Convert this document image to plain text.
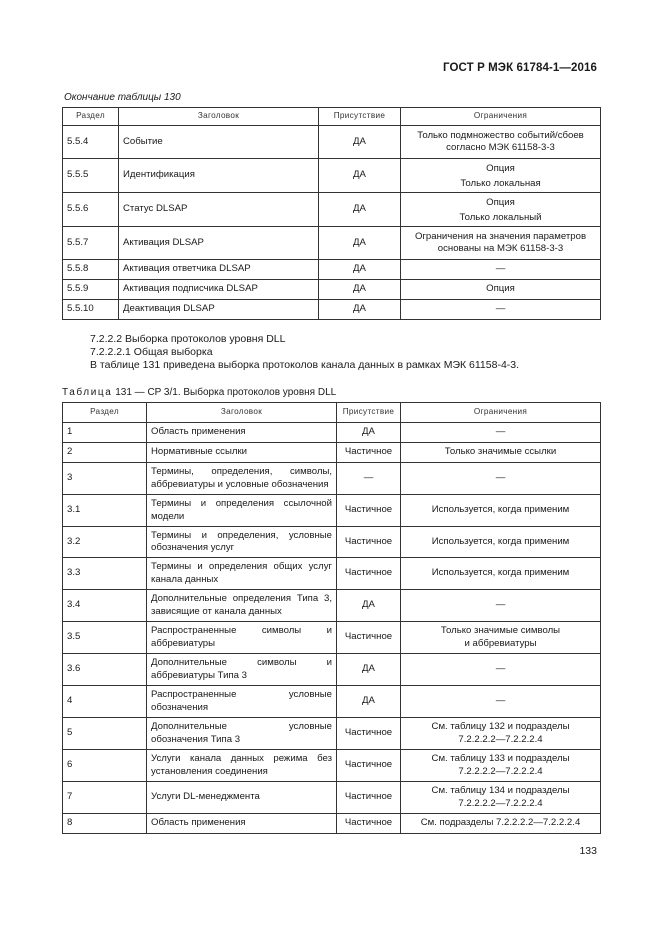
ГОСТ Р МЭК 61784-1—2016
Окончание таблицы 130
Раздел	Заголовок	Присутствие	Ограничения
5.5.4	Событие	ДА	Только подмножество событий/сбоев
согласно МЭК 61158-3-3

5.5.5	Идентификация	ДА	Опция
Только локальная

5.5.6	Статус DLSAP	ДА	Опция
Только локальный

5.5.7	Активация DLSAP	ДА	Ограничения на значения параметров
основаны на МЭК 61158-3-3

5.5.8	Активация ответчика DLSAP	ДА	—
5.5.9	Активация подписчика DLSAP	ДА	Опция
5.5.10	Деактивация DLSAP	ДА	—
7.2.2.2 Выборка протоколов уровня DLL
7.2.2.2.1 Общая выборка
В таблице 131 приведена выборка протоколов канала данных в рамках МЭК 61158-4-3.
Таблица 131 — CP 3/1. Выборка протоколов уровня DLL
Раздел	Заголовок	Присутствие	Ограничения
1	Область применения	ДА	—
2	Нормативные ссылки	Частичное	Только значимые ссылки
3	Термины, определения, символы, аббревиатуры и условные обозначения	—	—
3.1	Термины и определения ссылочной модели	Частичное	Используется, когда применим
3.2	Термины и определения, условные обозначения услуг	Частичное	Используется, когда применим
3.3	Термины и определения общих услуг канала данных	Частичное	Используется, когда применим
3.4	Дополнительные определения Типа 3, зависящие от канала данных	ДА	—
3.5	Распространенные символы и аббревиатуры	Частичное	Только значимые символы
и аббревиатуры

3.6	Дополнительные символы и аббревиатуры Типа 3	ДА	—
4	Распространенные условные обозначения	ДА	—
5	Дополнительные условные обозначения Типа 3	Частичное	См. таблицу 132 и подразделы
7.2.2.2.2—7.2.2.2.4

6	Услуги канала данных режима без установления соединения	Частичное	См. таблицу 133 и подразделы
7.2.2.2.2—7.2.2.2.4

7	Услуги DL-менеджмента	Частичное	См. таблицу 134 и подразделы
7.2.2.2.2—7.2.2.2.4

8	Область применения	Частичное	См. подразделы 7.2.2.2.2—7.2.2.2.4
133
